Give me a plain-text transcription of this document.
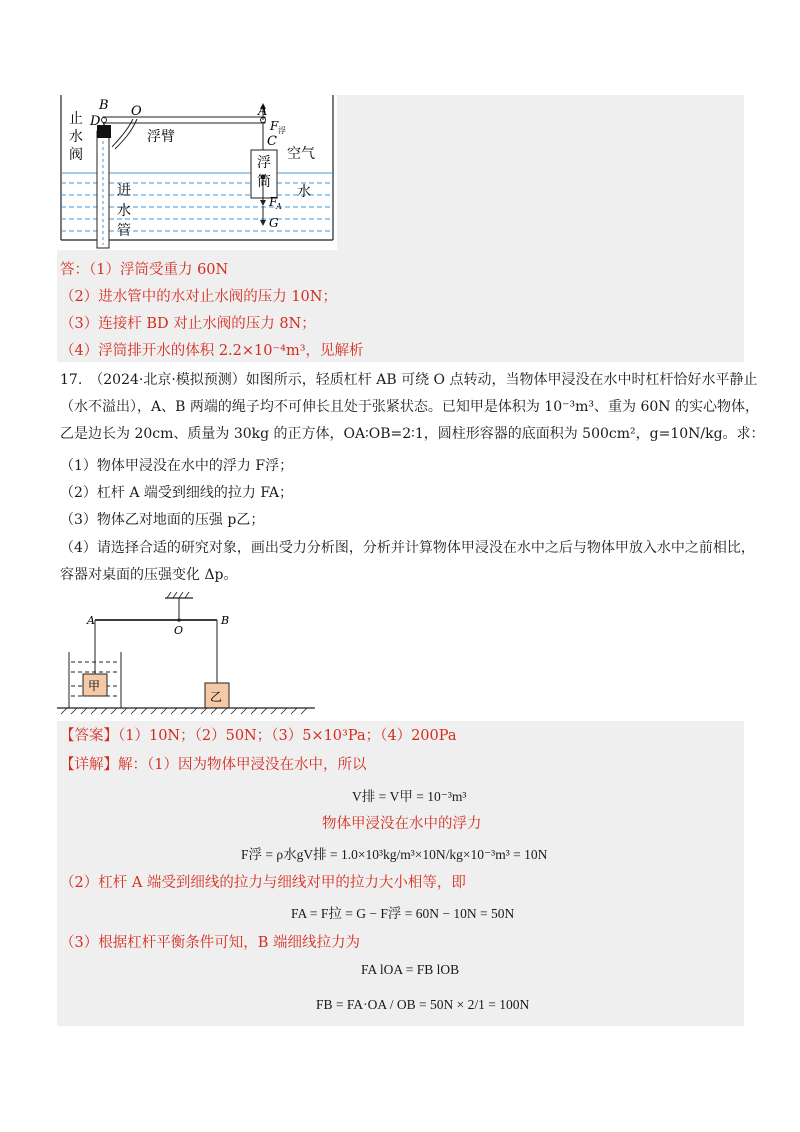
B
D
O	A
C
F 浮
止
水
阀
浮臂
进
水
管
浮
筒
空气
水
F
A
G
答：（1）浮筒受重力 60N
（2）进水管中的水对止水阀的压力 10N；
（3）连接杆 BD 对止水阀的压力 8N；
（4）浮筒排开水的体积 2.2×10⁻⁴m³，见解析
17.　（2024·北京·模拟预测）如图所示，轻质杠杆 AB 可绕 O 点转动，当物体甲浸没在水中时杠杆恰好水平静止
（水不溢出），A、B 两端的绳子均不可伸长且处于张紧状态。已知甲是体积为 10⁻³m³、重为 60N 的实心物体，
乙是边长为 20cm、质量为 30kg 的正方体，OA∶OB=2∶1，圆柱形容器的底面积为 500cm²，g=10N/kg。求：
（1）物体甲浸没在水中的浮力 F浮；
（2）杠杆 A 端受到细线的拉力 FA；
（3）物体乙对地面的压强 p乙；
（4）请选择合适的研究对象，画出受力分析图，分析并计算物体甲浸没在水中之后与物体甲放入水中之前相比，
容器对桌面的压强变化 Δp。
A
O
B
甲
乙
【答案】（1）10N；（2）50N；（3）5×10³Pa；（4）200Pa
【详解】解：（1）因为物体甲浸没在水中，所以
V排 = V甲 = 10⁻³m³
物体甲浸没在水中的浮力
F浮 = ρ水gV排 = 1.0×10³kg/m³×10N/kg×10⁻³m³ = 10N
（2）杠杆 A 端受到细线的拉力与细线对甲的拉力大小相等，即
FA = F拉 = G − F浮 = 60N − 10N = 50N
（3）根据杠杆平衡条件可知，B 端细线拉力为
FA lOA = FB lOB
FB = FA·OA / OB = 50N × 2/1 = 100N
